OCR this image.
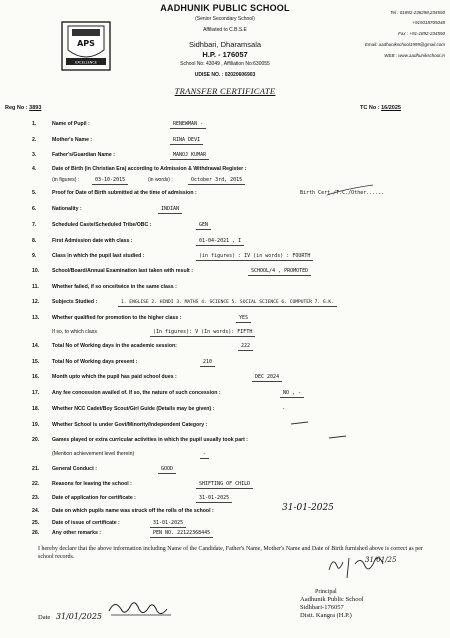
AADHUNIK PUBLIC SCHOOL
(Senior Secondary School)
Affiliated to C.B.S.E
Sidhbari, Dharamsala
H.P. - 176057
School No: 43049 , Affiliation No:630055
UDISE NO. : 02020606903
Tel : 01892-236298,234550
+919318705048
Fax : +91-1892-234550
Email: aadhunikschool1999@gmail.com
WEB : www.aadhunikschool.in
APS
EXCELLENCE
TRANSFER CERTIFICATE
Reg No : 3893	TC No : 16/2025
1.	Name of Pupil :	RENEWMAN -
2.	Mother's Name :	RINA DEVI
3.	Father's/Guardian Name :	MANOJ KUMAR
4.	Date of Birth (in Christian Era) according to Admission & Withdrawal Register :
(in figures) :	03-10-2015	(in words) :	October 3rd, 2015
5.	Proof for Date of Birth submitted at the time of admission :	Birth Cert./T.C./Other......
6.	Nationality :	INDIAN
7.	Scheduled Caste/Scheduled Tribe/OBC :	GEN
8.	First Admission date with class :	01-04-2021 , I
9.	Class in which the pupil last studied :	(in figures) : IV (in words) : FOURTH
10. School/Board/Annual Examination last taken with result :	SCHOOL/4 , PROMOTED
11.	Whether failed, if so once/twice in the same class :
12. Subjects Studied :	1. ENGLISE 2. HINDI 3. MATHS 4. SCIENCE 5. SOCIAL SCIENCE 6. COMPUTER 7. G.K.
13. Whether qualified for promotion to the higher class :	YES
If so, to which class	(In figures): V (In words): FIFTH
14. Total No of Working days in the academic session:	222
15. Total No of Working days present :	210
16. Month upto which the pupil has paid school dues :	DEC 2024
17. Any fee concession availed of. If so, the nature of such concession :	NO , -
18. Whether NCC Cadet/Boy Scout/Girl Guide (Details may be given) :	-
19. Whether School is under Govt/Minority/Independent Category :
20. Games played or extra curricular activities in which the pupil usually took part :
(Mention achievement level therein)	-
21. General Conduct :	GOOD
22. Reasons for leaving the school :	SHIFTING OF CHILD
23. Date of application for certificate :	31-01-2025
24. Date on which pupils name was struck off the rolls of the school :	31-01-2025
25. Date of issue of certificate :	31-01-2025
26. Any other remarks :	PEN NO. 22122368445
I hereby declare that the above information including Name of the Candidate, Father's Name, Mother's Name and Date of Birth furnished above is correct as per school records.
Date 31/01/2025
31/01/25
Principal
Aadhunik Public School
Sidhbari-176057
Distt. Kangra (H.P.)
